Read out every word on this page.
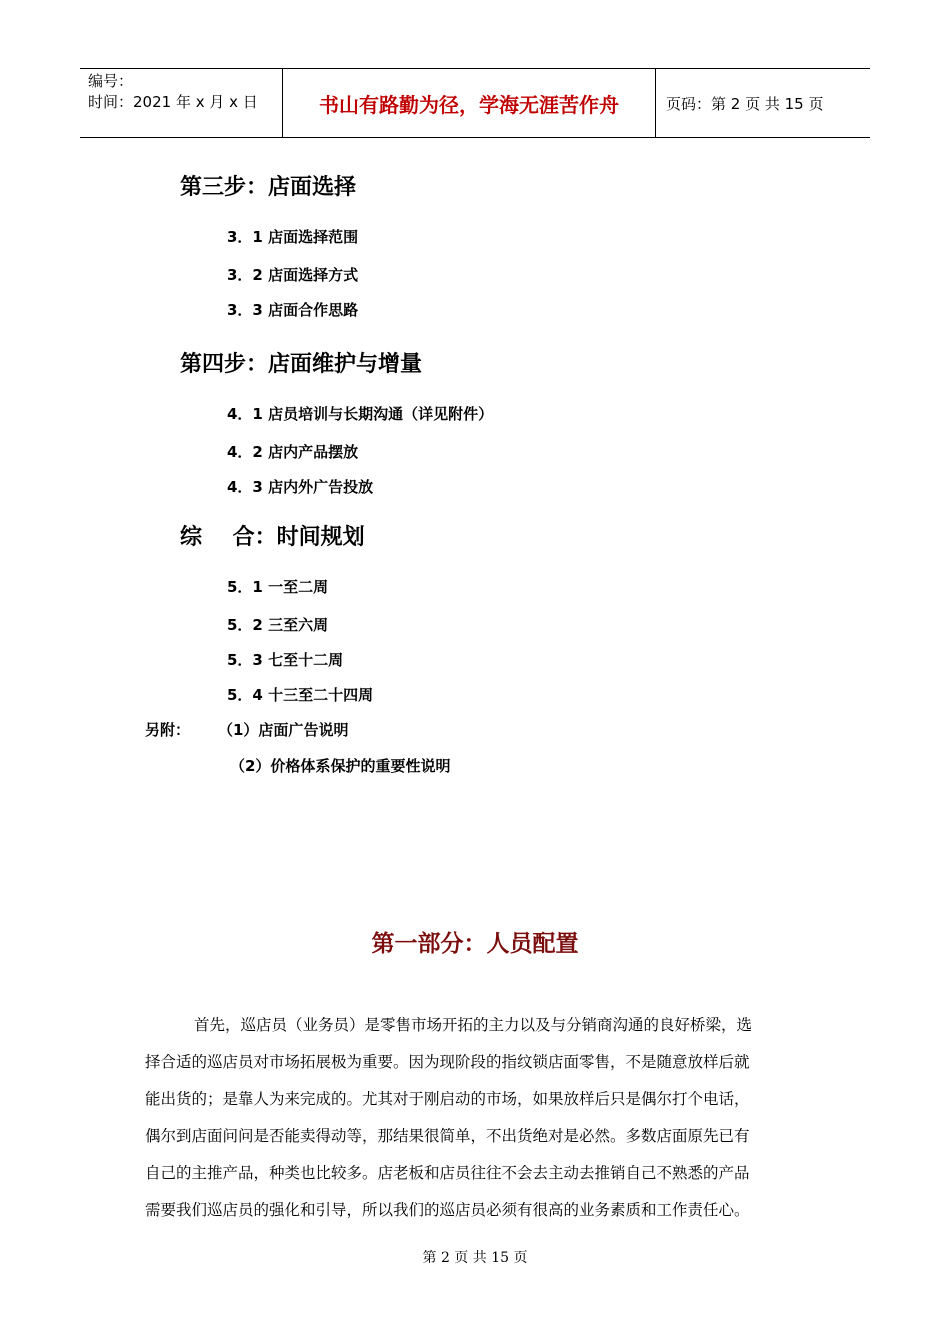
编号：
时间：2021 年 x 月 x 日	书山有路勤为径，学海无涯苦作舟	页码：第 2 页 共 15 页
第三步：店面选择
3．1 店面选择范围
3．2 店面选择方式
3．3 店面合作思路
第四步：店面维护与增量
4．1 店员培训与长期沟通（详见附件）
4．2 店内产品摆放
4．3 店内外广告投放
综    合：时间规划
5．1 一至二周
5．2 三至六周
5．3 七至十二周
5．4 十三至二十四周
另附： （1）店面广告说明
（2）价格体系保护的重要性说明
第一部分：人员配置
首先，巡店员（业务员）是零售市场开拓的主力以及与分销商沟通的良好桥梁，选
择合适的巡店员对市场拓展极为重要。因为现阶段的指纹锁店面零售，不是随意放样后就
能出货的；是靠人为来完成的。尤其对于刚启动的市场，如果放样后只是偶尔打个电话，
偶尔到店面问问是否能卖得动等，那结果很简单，不出货绝对是必然。多数店面原先已有
自己的主推产品，种类也比较多。店老板和店员往往不会去主动去推销自己不熟悉的产品
需要我们巡店员的强化和引导，所以我们的巡店员必须有很高的业务素质和工作责任心。
第 2 页 共 15 页
